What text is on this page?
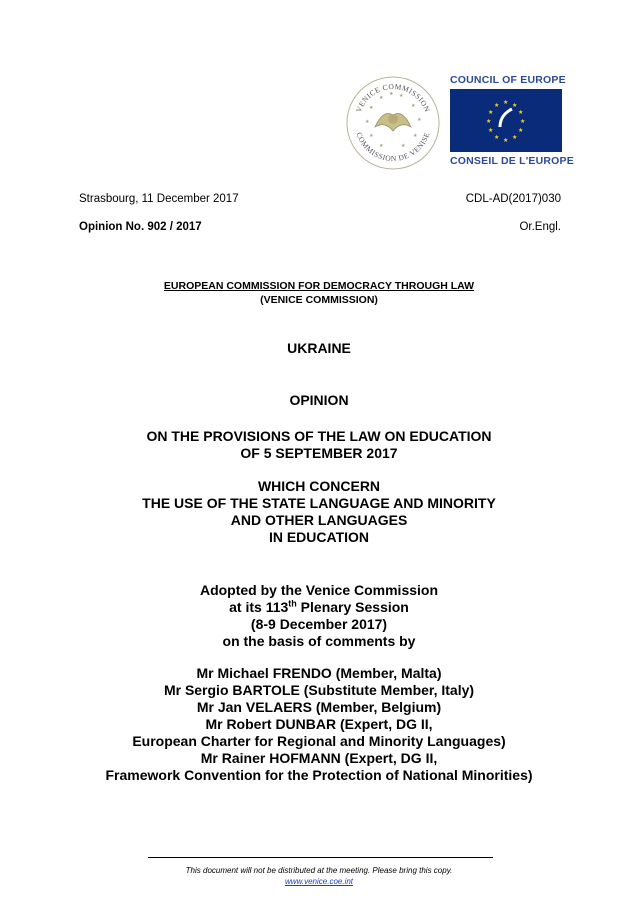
★
★ ★
★	★
★	★
★	★
★	★
VENICE COMMISSION
COMMISSION DE VENISE
COUNCIL OF EUROPE
★ ★
★
★
★
★
★
★
★
★
★
★
CONSEIL DE L'EUROPE
Strasbourg, 11 December 2017	CDL-AD(2017)030
Opinion No. 902 / 2017	Or.Engl.
EUROPEAN COMMISSION FOR DEMOCRACY THROUGH LAW
(VENICE COMMISSION)
UKRAINE
OPINION
ON THE PROVISIONS OF THE LAW ON EDUCATION
OF 5 SEPTEMBER 2017
WHICH CONCERN
THE USE OF THE STATE LANGUAGE AND MINORITY
AND OTHER LANGUAGES
IN EDUCATION
Adopted by the Venice Commission
at its 113th Plenary Session
(8-9 December 2017)
on the basis of comments by
Mr Michael FRENDO (Member, Malta)
Mr Sergio BARTOLE (Substitute Member, Italy)
Mr Jan VELAERS (Member, Belgium)
Mr Robert DUNBAR (Expert, DG II,
European Charter for Regional and Minority Languages)
Mr Rainer HOFMANN (Expert, DG II,
Framework Convention for the Protection of National Minorities)
This document will not be distributed at the meeting. Please bring this copy.
www.venice.coe.int
